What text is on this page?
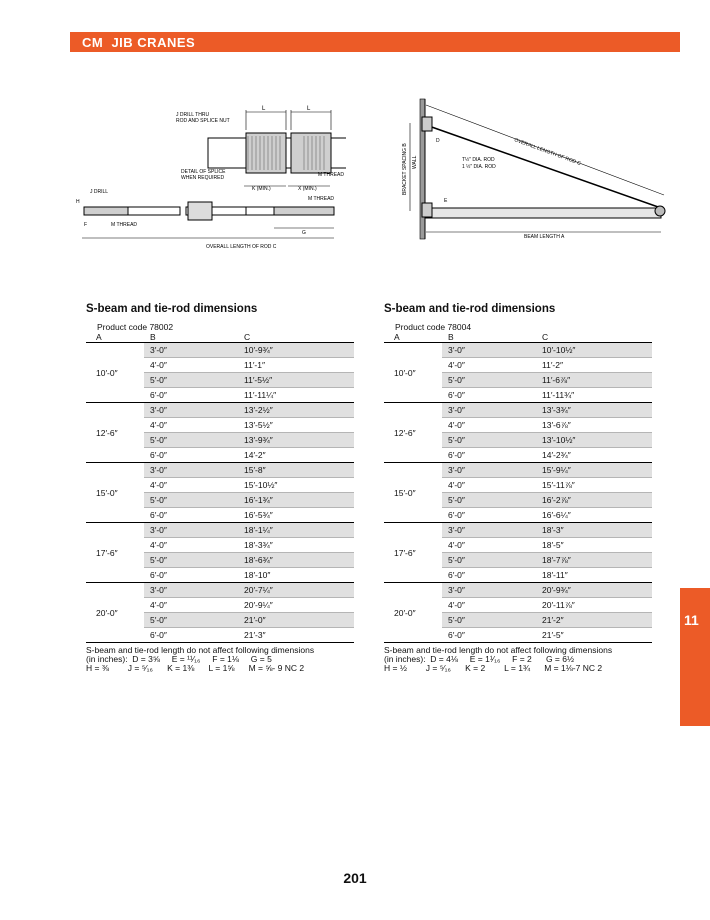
CM JIB CRANES
L	L
J DRILL THRU
ROD AND SPLICE NUT
DETAIL OF SPLICE
WHEN REQUIRED
K (MIN.)	X (MIN.)
M THREAD
J DRILL
M THREAD
M THREAD
H
F
G
OVERALL LENGTH OF ROD C
BRACKET SPACING B WALL
D
E
OVERALL LENGTH OF ROD C
T½″ DIA. ROD
1 ½″ DIA. ROD
BEAM LENGTH A
S-beam and tie-rod dimensions
Product code 78002
A	B	C
10′-0″
3′-0″	10′-9¾″
4′-0″	11′-1″
5′-0″	11′-5½″
6′-0″	11′-11¼″
12′-6″
3′-0″	13′-2½″
4′-0″	13′-5½″
5′-0″	13′-9¾″
6′-0″	14′-2″
15′-0″
3′-0″	15′-8″
4′-0″	15′-10½″
5′-0″	16′-1¾″
6′-0″	16′-5¾″
17′-6″
3′-0″	18′-1¼″
4′-0″	18′-3¾″
5′-0″	18′-6¾″
6′-0″	18′-10″
20′-0″
3′-0″	20′-7¼″
4′-0″	20′-9¼″
5′-0″	21′-0″
6′-0″	21′-3″
S-beam and tie-rod length do not affect following dimensions
(in inches):  D = 3⅝     E = ¹¹⁄₁₆     F = 1⅛     G = 5
H = ⅜        J = ⁵⁄₁₆      K = 1⅜      L = 1⅝      M = ⅝- 9 NC 2
S-beam and tie-rod dimensions
Product code 78004
A	B	C
10′-0″
3′-0″	10′-10½″
4′-0″	11′-2″
5′-0″	11′-6⅞″
6′-0″	11′-11¾″
12′-6″
3′-0″	13′-3¾″
4′-0″	13′-6⅞″
5′-0″	13′-10½″
6′-0″	14′-2¾″
15′-0″
3′-0″	15′-9¼″
4′-0″	15′-11⅞″
5′-0″	16′-2⅞″
6′-0″	16′-6¼″
17′-6″
3′-0″	18′-3″
4′-0″	18′-5″
5′-0″	18′-7⅞″
6′-0″	18′-11″
20′-0″
3′-0″	20′-9¾″
4′-0″	20′-11⅞″
5′-0″	21′-2″
6′-0″	21′-5″
S-beam and tie-rod length do not affect following dimensions
(in inches):  D = 4⅛     E = 1¹⁄₁₆     F = 2      G = 6½
H = ½        J = ⁵⁄₁₆      K = 2        L = 1¾      M = 1⅛-7 NC 2
11
201
